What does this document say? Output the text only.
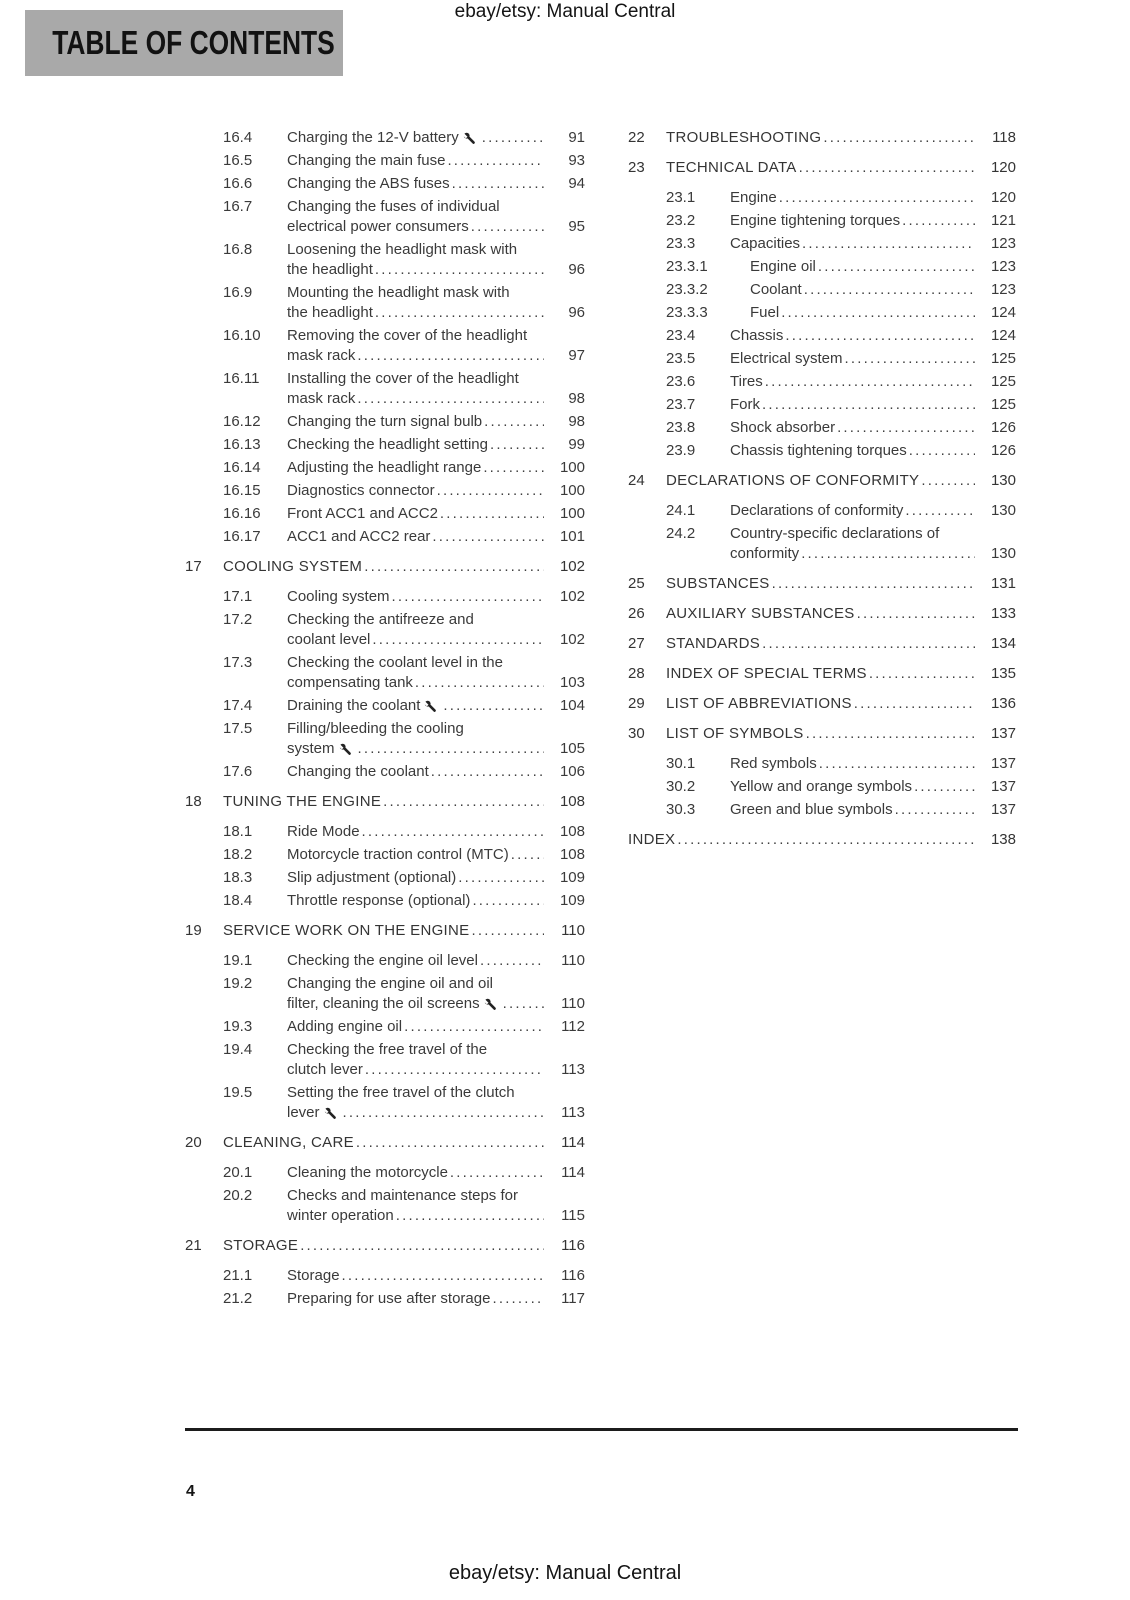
ebay/etsy: Manual Central
TABLE OF CONTENTS
16.4	Charging the 12-V battery .....	91
16.5	Changing the main fuse .....	93
16.6	Changing the ABS fuses .....	94
16.7	Changing the fuses of individual
electrical power consumers .....	95
16.8	Loosening the headlight mask with
the headlight .....	96
16.9	Mounting the headlight mask with
the headlight .....	96
16.10	Removing the cover of the headlight
mask rack .....	97
16.11	Installing the cover of the headlight
mask rack .....	98
16.12	Changing the turn signal bulb .....	98
16.13	Checking the headlight setting .....	99
16.14	Adjusting the headlight range .....	100
16.15	Diagnostics connector .....	100
16.16	Front ACC1 and ACC2 .....	100
16.17	ACC1 and ACC2 rear .....	101
17	COOLING SYSTEM .....	102
17.1	Cooling system .....	102
17.2	Checking the antifreeze and
coolant level .....	102
17.3	Checking the coolant level in the
compensating tank .....	103
17.4	Draining the coolant .....	104
17.5	Filling/bleeding the cooling
system .....	105
17.6	Changing the coolant .....	106
18	TUNING THE ENGINE .....	108
18.1	Ride Mode .....	108
18.2	Motorcycle traction control (MTC) .....	108
18.3	Slip adjustment (optional) .....	109
18.4	Throttle response (optional) .....	109
19	SERVICE WORK ON THE ENGINE .....	110
19.1	Checking the engine oil level .....	110
19.2	Changing the engine oil and oil
filter, cleaning the oil screens .....	110
19.3	Adding engine oil .....	112
19.4	Checking the free travel of the
clutch lever .....	113
19.5	Setting the free travel of the clutch
lever .....	113
20	CLEANING, CARE .....	114
20.1	Cleaning the motorcycle .....	114
20.2	Checks and maintenance steps for
winter operation .....	115
21	STORAGE .....	116
21.1	Storage .....	116
21.2	Preparing for use after storage .....	117
22	TROUBLESHOOTING .....	118
23	TECHNICAL DATA .....	120
23.1	Engine .....	120
23.2	Engine tightening torques .....	121
23.3	Capacities .....	123
23.3.1	Engine oil .....	123
23.3.2	Coolant .....	123
23.3.3	Fuel .....	124
23.4	Chassis .....	124
23.5	Electrical system .....	125
23.6	Tires .....	125
23.7	Fork .....	125
23.8	Shock absorber .....	126
23.9	Chassis tightening torques .....	126
24	DECLARATIONS OF CONFORMITY .....	130
24.1	Declarations of conformity .....	130
24.2	Country-specific declarations of
conformity .....	130
25	SUBSTANCES .....	131
26	AUXILIARY SUBSTANCES .....	133
27	STANDARDS .....	134
28	INDEX OF SPECIAL TERMS .....	135
29	LIST OF ABBREVIATIONS .....	136
30	LIST OF SYMBOLS .....	137
30.1	Red symbols .....	137
30.2	Yellow and orange symbols .....	137
30.3	Green and blue symbols .....	137
INDEX .....	138
4
ebay/etsy: Manual Central
